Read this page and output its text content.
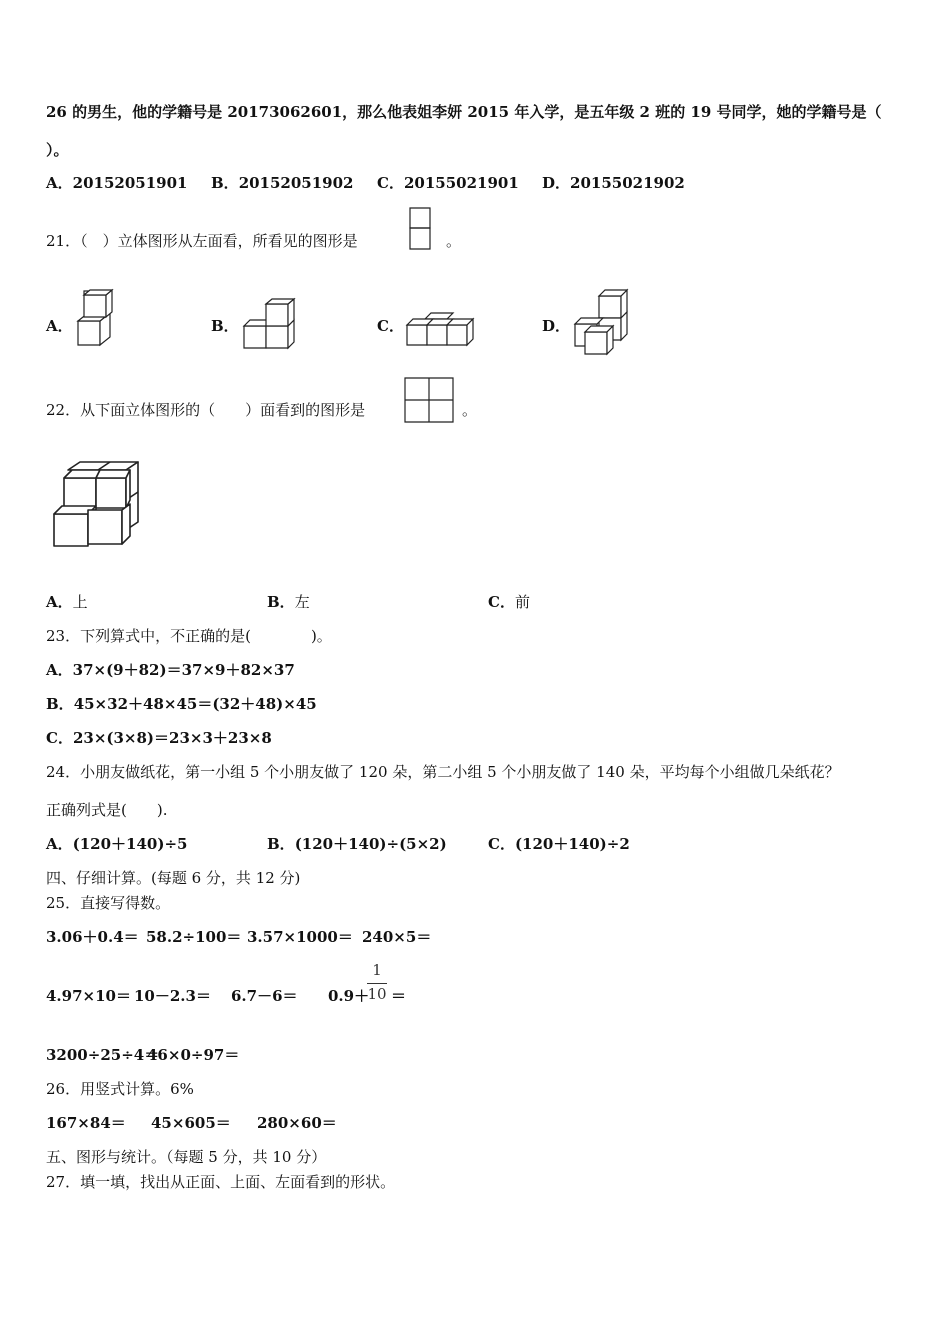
26 的男生，他的学籍号是 20173062601，那么他表姐李妍 2015 年入学，是五年级 2 班的 19 号同学，她的学籍号是（
）。
A．20152051901 B．20152051902 C．20155021901 D．20155021902
21．（　）立体图形从左面看，所看见的图形是	。
A．	B．	C．	D．
22．从下面立体图形的（　　）面看到的图形是	。
A．上	B．左	C．前
23．下列算式中，不正确的是(　　　　)。
A．37×(9＋82)＝37×9＋82×37
B．45×32＋48×45＝(32＋48)×45
C．23×(3×8)＝23×3＋23×8
24．小朋友做纸花，第一小组 5 个小朋友做了 120 朵，第二小组 5 个小朋友做了 140 朵，平均每个小组做几朵纸花？
正确列式是(　　).
A．(120＋140)÷5	B．(120＋140)÷(5×2)	C．(120＋140)÷2
四、仔细计算。(每题 6 分，共 12 分)
25．直接写得数。
3.06＋0.4＝ 58.2÷100＝ 3.57×1000＝ 240×5＝
4.97×10＝ 10－2.3＝ 6.7－6＝ 0.9＋
1
10 ＝
3200÷25÷4＝
46×0÷97＝
26．用竖式计算。6%
167×84＝ 45×605＝ 280×60＝
五、图形与统计。（每题 5 分，共 10 分）
27．填一填，找出从正面、上面、左面看到的形状。
